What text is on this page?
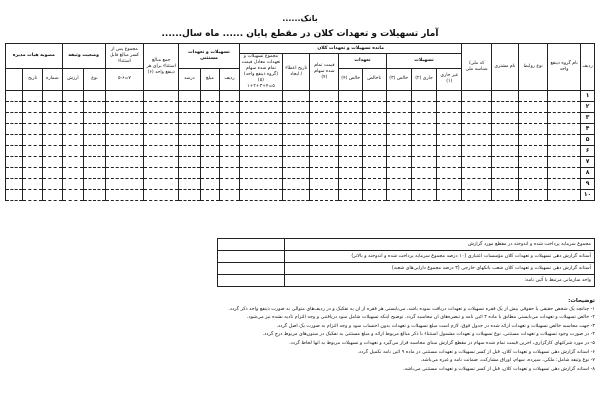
بانک......
آمار تسهیلات و تعهدات کلان در مقطع پایان ...... ماه سال......
ردیف	نام گروه ذینفع واحد	نوع روابط	نام مشتری	کد ملی/ شناسه ملی	مانده تسهیلات و تعهدات کلان								تسهیلات و تعهدات مستثنی			جمع مبالغ استثناء برای هر ذینفع واحد (۶)	مجموع پس از کسر مبالغ قابل استثناء	وضعیت وثیقه		مصوبه هیات مدیره		
					تسهیلات			تعهدات		قیمت تمام شده سهام (۴)	تاریخ اعطاء / ایجاد	مجموع تسهیلات و تعهدات معادل قیمت تمام شده سهام (گروه ذینفع واحد) (۵)
۵=۱+۲+۳+۴										
					غیر جاری (۱)	جاری (۲)	خالص (۳)	ناخالص	خالص (۴)				ردیف	مبلغ	درصد		۷=۵-۶	نوع	ارزش	شماره	تاریخ	
۱																						
۲																						
۳																						
۴																						
۵																						
۶																						
۷																						
۸																						
۹																						
۱۰																						
مجموع سرمایه پرداخت شده و اندوخته در مقطع مورد گزارش	
آستانه گزارش دهی تسهیلات و تعهدات کلان مؤسسات اعتباری (۱۰ درصد مجموع سرمایه پرداخت شده و اندوخته و بالاتر)	
آستانه گزارش دهی تسهیلات و تعهدات کلان شعب بانکهای خارجی (۳ درصد مجموع دارایی‌های شعبه)	
واحد سازمانی مرتبط با آئین نامه:	

توضیحات:

۱- چنانچه یک شخص حقیقی یا حقوقی بیش از یک فقره تسهیلات و تعهدات دریافت نموده باشد، می‌بایستی هر فقره از آن به تفکیک و در ردیف‌های متوالی به صورت ذینفع واحد ذکر گردد.

۲- خالص تسهیلات و تعهدات می‌بایستی مطابق با ماده ۳ آئین نامه و تبصره‌های آن محاسبه گردد. توضیح اینکه تسهیلات شامل سود دریافتنی و وجه التزام تأدیه نشده نیز می‌شود.

۳- جهت محاسبه خالص تسهیلات و تعهدات ارائه شده در جدول فوق، لازم است مبلغ تسهیلات و تعهدات بدون احتساب سود و وجه التزام به صورت یک اصل گردد.

۴- در صورت وجود تسهیلات و تعهدات مستثنی، نوع تسهیلات و تعهدات مشمول استثناء با ذکر مبالغ مربوط ارائه و مبلغ مستثنی به تفکیک در ستون‌های مربوط درج گردد.

۵- در مورد شرکتهای کارگزاری، آخرین قیمت تمام شده سهام در مقطع گزارش مبنای محاسبه قرار می‌گیرد و تعهدات و تسهیلات مربوط به آنها لحاظ گردد.

۶- آستانه گزارش دهی تسهیلات و تعهدات کلان، قبل از کسر تسهیلات و تعهدات مستثنی در ماده ۹ آئین نامه تکمیل گردد.

۷- نوع وثیقه شامل: ملکی، سپرده، سهام، اوراق مشارکت، ضمانت نامه و غیره می‌باشد.

۸- آستانه گزارش دهی تسهیلات و تعهدات کلان، قبل از کسر تسهیلات و تعهدات مستثنی می‌باشد.
